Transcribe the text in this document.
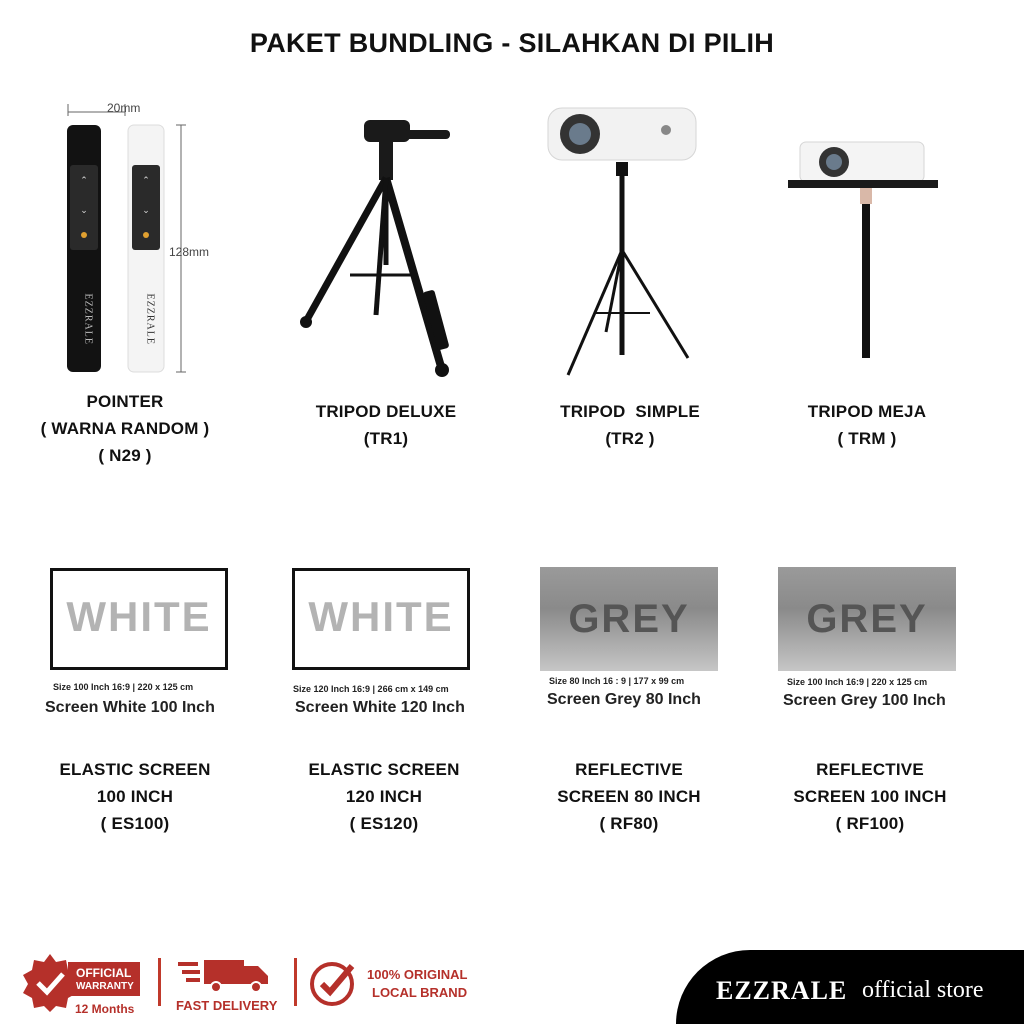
PAKET BUNDLING - SILAHKAN DI PILIH
⌃
⌄
⌃
⌄
20mm
128mm
EZZRALE	EZZRALE
POINTER
( WARNA RANDOM )
( N29 )
TRIPOD DELUXE
(TR1)
TRIPOD  SIMPLE
(TR2 )
TRIPOD MEJA
( TRM )
WHITE
Size 100 Inch 16:9 | 220 x 125 cm
Screen White 100 Inch
ELASTIC SCREEN
100 INCH
( ES100)
WHITE
Size 120 Inch 16:9 | 266 cm x 149 cm
Screen White 120 Inch
ELASTIC SCREEN
120 INCH
( ES120)
GREY
Size 80 Inch 16 : 9 | 177 x 99 cm
Screen Grey 80 Inch
REFLECTIVE
SCREEN 80 INCH
( RF80)
GREY
Size 100 Inch 16:9 | 220 x 125 cm
Screen Grey 100 Inch
REFLECTIVE
SCREEN 100 INCH
( RF100)
OFFICIAL
WARRANTY
12 Months	FAST DELIVERY
100% ORIGINAL
LOCAL BRAND	EZZRALE official store
